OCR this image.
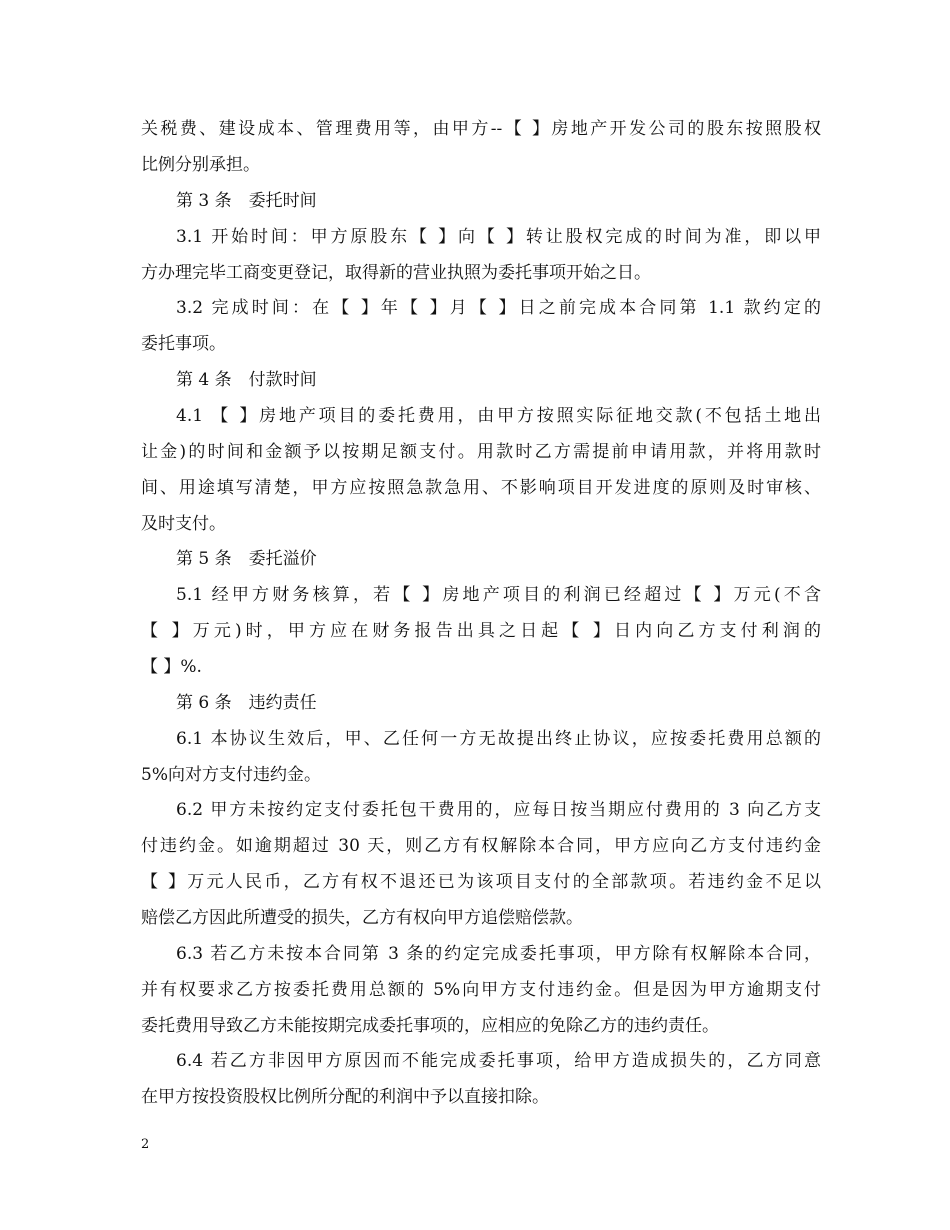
关税费、建设成本、管理费用等，由甲方--【 】房地产开发公司的股东按照股权
比例分别承担。
第 3 条　委托时间
3.1 开始时间：甲方原股东【 】向【 】转让股权完成的时间为准，即以甲
方办理完毕工商变更登记，取得新的营业执照为委托事项开始之日。
3.2 完成时间：在【 】年【 】月【 】日之前完成本合同第 1.1 款约定的
委托事项。
第 4 条　付款时间
4.1 【 】房地产项目的委托费用，由甲方按照实际征地交款(不包括土地出
让金)的时间和金额予以按期足额支付。用款时乙方需提前申请用款，并将用款时
间、用途填写清楚，甲方应按照急款急用、不影响项目开发进度的原则及时审核、
及时支付。
第 5 条　委托溢价
5.1 经甲方财务核算，若【 】房地产项目的利润已经超过【 】万元(不含
【 】万元)时，甲方应在财务报告出具之日起【 】日内向乙方支付利润的
【 】%.
第 6 条　违约责任
6.1 本协议生效后，甲、乙任何一方无故提出终止协议，应按委托费用总额的
5%向对方支付违约金。
6.2 甲方未按约定支付委托包干费用的，应每日按当期应付费用的 3 向乙方支
付违约金。如逾期超过 30 天，则乙方有权解除本合同，甲方应向乙方支付违约金
【 】万元人民币，乙方有权不退还已为该项目支付的全部款项。若违约金不足以
赔偿乙方因此所遭受的损失，乙方有权向甲方追偿赔偿款。
6.3 若乙方未按本合同第 3 条的约定完成委托事项，甲方除有权解除本合同，
并有权要求乙方按委托费用总额的 5%向甲方支付违约金。但是因为甲方逾期支付
委托费用导致乙方未能按期完成委托事项的，应相应的免除乙方的违约责任。
6.4 若乙方非因甲方原因而不能完成委托事项，给甲方造成损失的，乙方同意
在甲方按投资股权比例所分配的利润中予以直接扣除。
2
